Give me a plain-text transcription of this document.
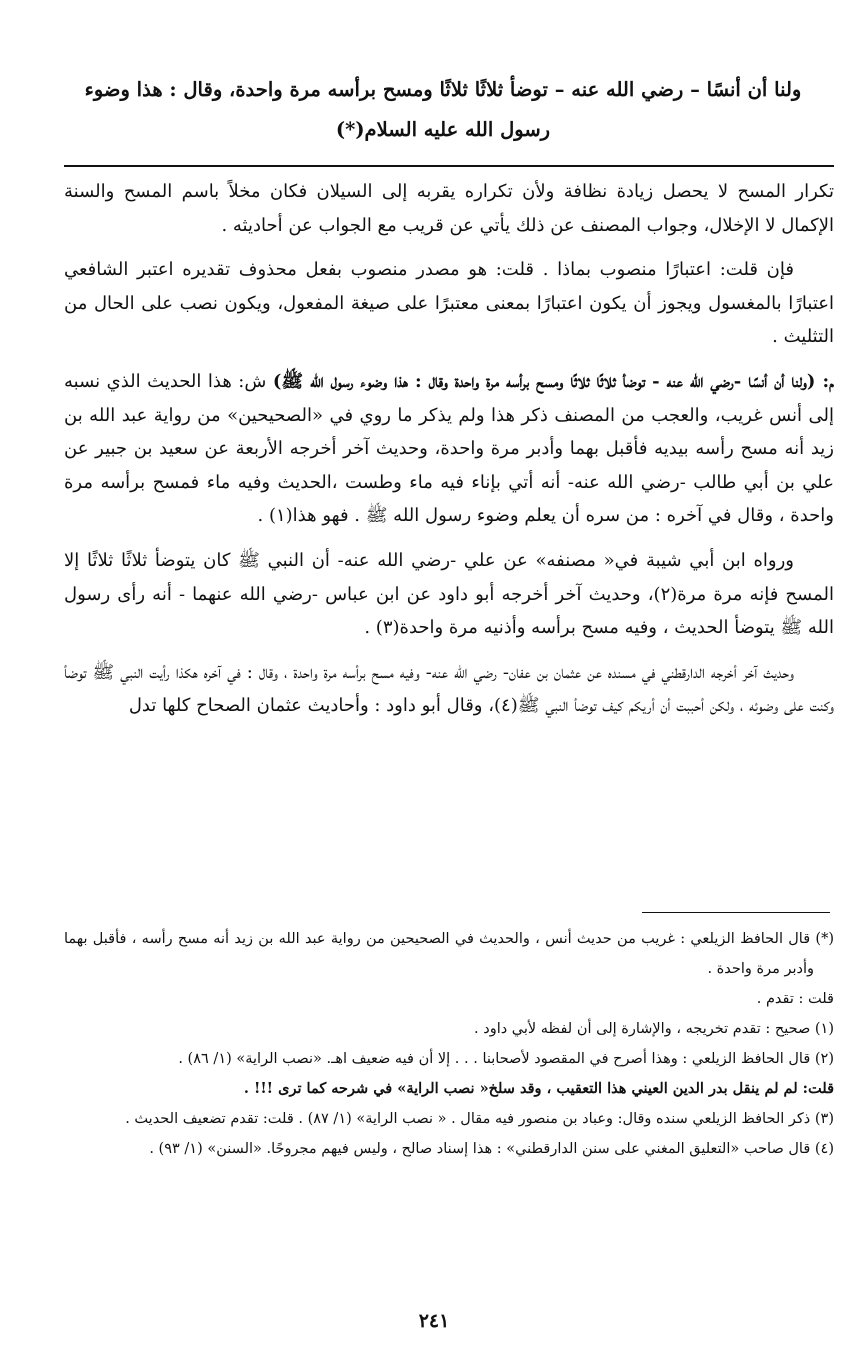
ولنا أن أنسًا – رضي الله عنه – توضأ ثلاثًا ثلاثًا ومسح برأسه مرة واحدة، وقال : هذا وضوء
رسول الله عليه السلام(*)

تكرار المسح لا يحصل زيادة نظافة ولأن تكراره يقربه إلى السيلان فكان مخلاً باسم المسح والسنة الإكمال لا الإخلال، وجواب المصنف عن ذلك يأتي عن قريب مع الجواب عن أحاديثه .

فإن قلت: اعتبارًا منصوب بماذا . قلت: هو مصدر منصوب بفعل محذوف تقديره اعتبر الشافعي اعتبارًا بالمغسول ويجوز أن يكون اعتبارًا بمعنى معتبرًا على صيغة المفعول، ويكون نصب على الحال من التثليث .

م: (ولنا أن أنسًا -رضي الله عنه - توضأ ثلاثًا ثلاثًا ومسح برأسه مرة واحدة وقال : هذا وضوء رسول الله ﷺ) ش: هذا الحديث الذي نسبه إلى أنس غريب، والعجب من المصنف ذكر هذا ولم يذكر ما روي في «الصحيحين» من رواية عبد الله بن زيد أنه مسح رأسه بيديه فأقبل بهما وأدبر مرة واحدة، وحديث آخر أخرجه الأربعة عن سعيد بن جبير عن علي بن أبي طالب -رضي الله عنه- أنه أتي بإناء فيه ماء وطست ،الحديث وفيه ماء فمسح برأسه مرة واحدة ، وقال في آخره : من سره أن يعلم وضوء رسول الله ﷺ . فهو هذا(١) .

ورواه ابن أبي شيبة في« مصنفه» عن علي -رضي الله عنه- أن النبي ﷺ كان يتوضأ ثلاثًا ثلاثًا إلا المسح فإنه مرة مرة(٢)، وحديث آخر أخرجه أبو داود عن ابن عباس -رضي الله عنهما - أنه رأى رسول الله ﷺ يتوضأ الحديث ، وفيه مسح برأسه وأذنيه مرة واحدة(٣) .

وحديث آخر أخرجه الدارقطني في مسنده عن عثمان بن عفان- رضي الله عنه- وفيه مسح برأسه مرة واحدة ، وقال : في آخره هكذا رأيت النبي ﷺ توضأ وكنت على وضوئه ، ولكن أحببت أن أريكم كيف توضأ النبي ﷺ(٤)، وقال أبو داود : وأحاديث عثمان الصحاح كلها تدل

(*) قال الحافظ الزيلعي : غريب من حديث أنس ، والحديث في الصحيحين من رواية عبد الله بن زيد أنه مسح رأسه ، فأقبل بهما وأدبر مرة واحدة .

قلت : تقدم .

(١) صحيح : تقدم تخريجه ، والإشارة إلى أن لفظه لأبي داود .

(٢) قال الحافظ الزيلعي : وهذا أصرح في المقصود لأصحابنا . . . إلا أن فيه ضعيف اهـ. «نصب الراية» (١/ ٨٦) .

قلت: لم لم ينقل بدر الدين العيني هذا التعقيب ، وقد سلخ« نصب الراية» في شرحه كما ترى !!! .

(٣) ذكر الحافظ الزيلعي سنده وقال: وعباد بن منصور فيه مقال . « نصب الراية» (١/ ٨٧) . قلت: تقدم تضعيف الحديث .

(٤) قال صاحب «التعليق المغني على سنن الدارقطني» : هذا إسناد صالح ، وليس فيهم مجروحًا. «السنن» (١/ ٩٣) .

٢٤١
